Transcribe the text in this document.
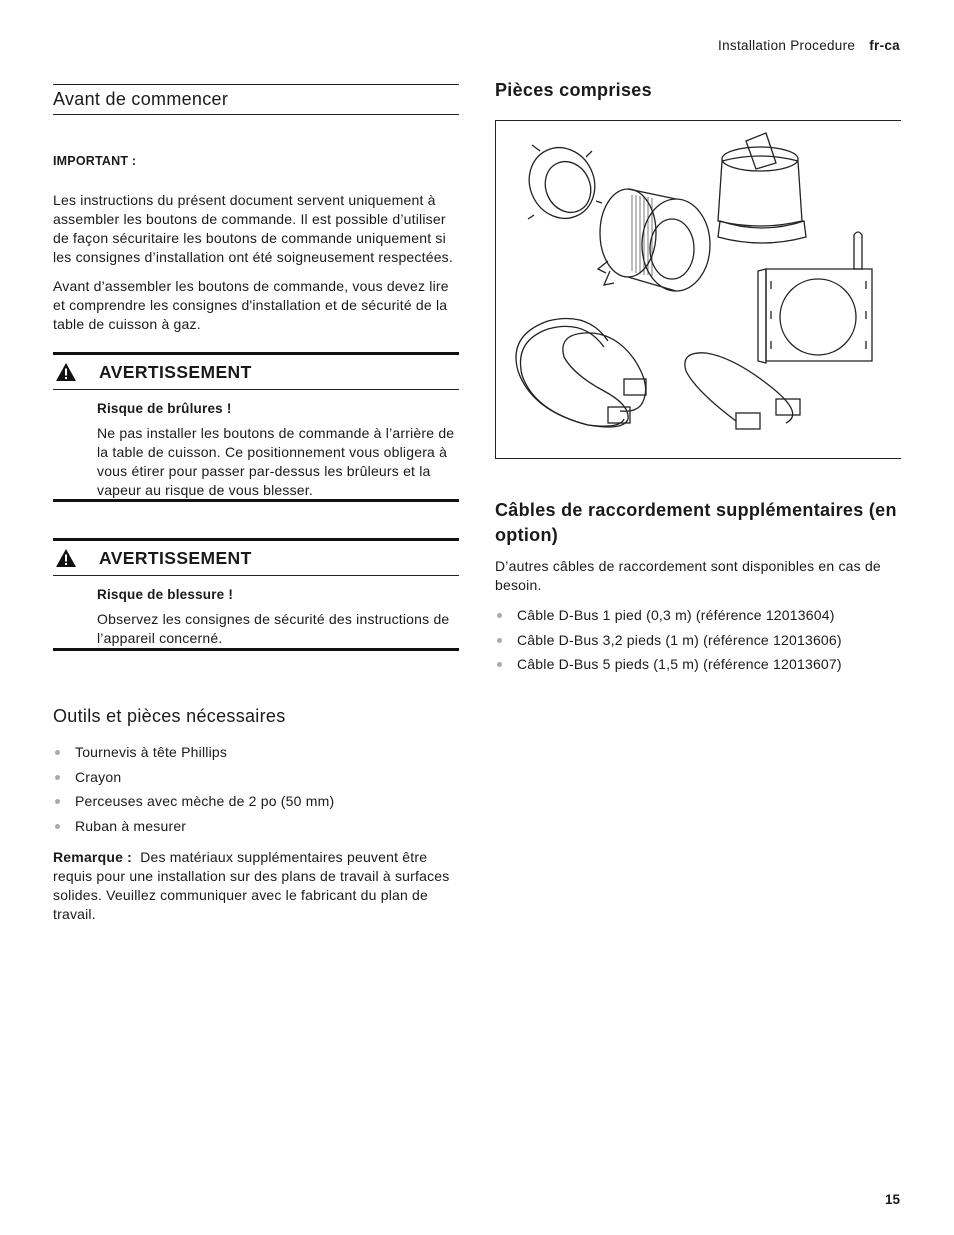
Installation Procedure fr-ca
Avant de commencer

IMPORTANT :

Les instructions du présent document servent uniquement à assembler les boutons de commande. Il est possible d’utiliser de façon sécuritaire les boutons de commande uniquement si les consignes d’installation ont été soigneusement respectées.

Avant d’assembler les boutons de commande, vous devez lire et comprendre les consignes d'installation et de sécurité de la table de cuisson à gaz.

AVERTISSEMENT

Risque de brûlures !

Ne pas installer les boutons de commande à l’arrière de la table de cuisson. Ce positionnement vous obligera à vous étirer pour passer par-dessus les brûleurs et la vapeur au risque de vous blesser.

AVERTISSEMENT

Risque de blessure !

Observez les consignes de sécurité des instructions de l’appareil concerné.

Outils et pièces nécessaires
Tournevis à tête Phillips
Crayon
Perceuses avec mèche de 2 po (50 mm)
Ruban à mesurer

Remarque : Des matériaux supplémentaires peuvent être requis pour une installation sur des plans de travail à surfaces solides. Veuillez communiquer avec le fabricant du plan de travail.

Pièces comprises
Câbles de raccordement supplémentaires (en option)

D’autres câbles de raccordement sont disponibles en cas de besoin.

Câble D-Bus 1 pied (0,3 m) (référence 12013604)
Câble D-Bus 3,2 pieds (1 m) (référence 12013606)
Câble D-Bus 5 pieds (1,5 m) (référence 12013607)
15
